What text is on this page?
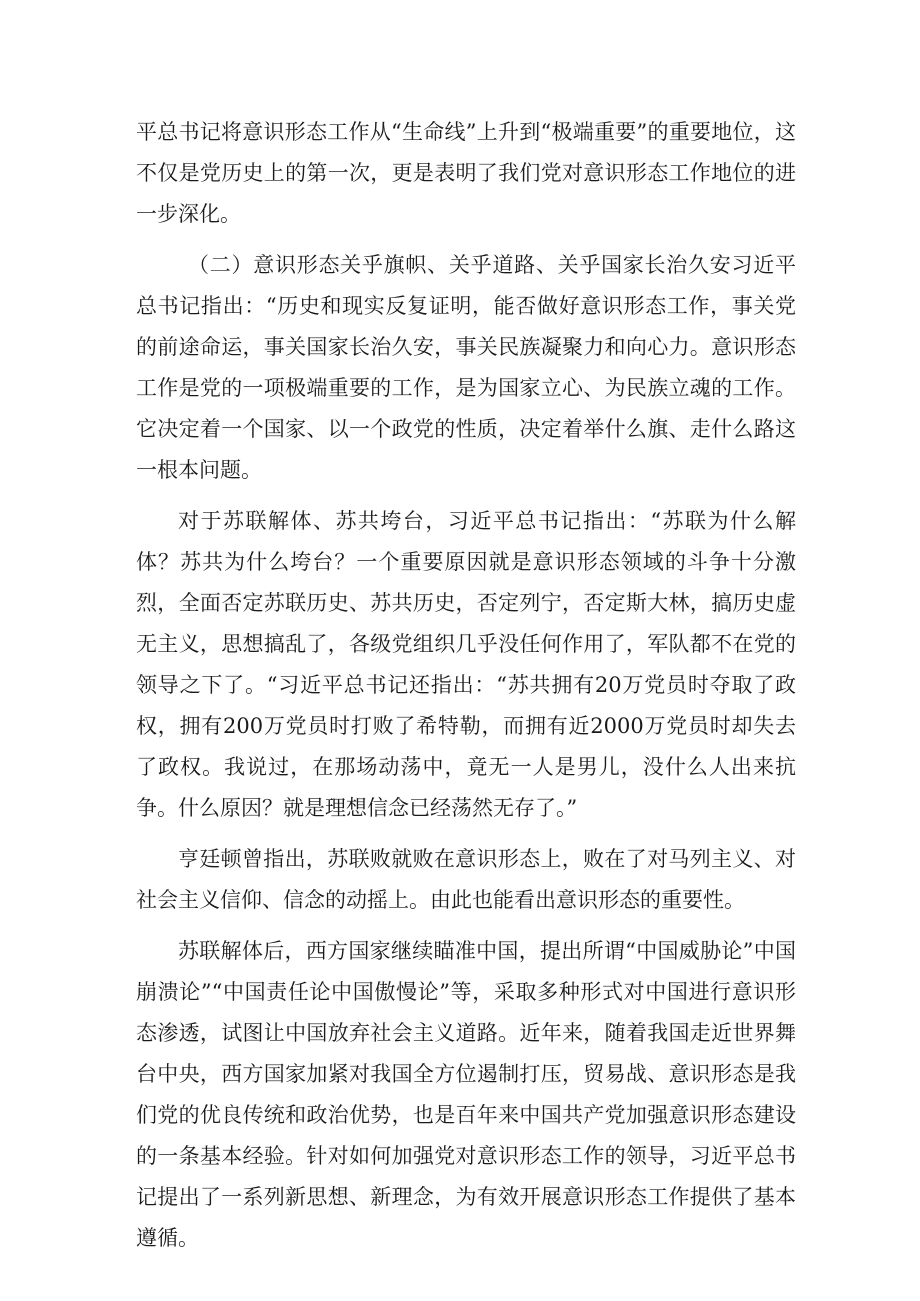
平总书记将意识形态工作从“生命线”上升到“极端重要”的重要地位，这不仅是党历史上的第一次，更是表明了我们党对意识形态工作地位的进一步深化。

（二）意识形态关乎旗帜、关乎道路、关乎国家长治久安习近平总书记指出：“历史和现实反复证明，能否做好意识形态工作，事关党的前途命运，事关国家长治久安，事关民族凝聚力和向心力。意识形态工作是党的一项极端重要的工作，是为国家立心、为民族立魂的工作。它决定着一个国家、以一个政党的性质，决定着举什么旗、走什么路这一根本问题。

对于苏联解体、苏共垮台，习近平总书记指出：“苏联为什么解体？苏共为什么垮台？一个重要原因就是意识形态领域的斗争十分激烈，全面否定苏联历史、苏共历史，否定列宁，否定斯大林，搞历史虚无主义，思想搞乱了，各级党组织几乎没任何作用了，军队都不在党的领导之下了。“习近平总书记还指出：“苏共拥有20万党员时夺取了政权，拥有200万党员时打败了希特勒，而拥有近2000万党员时却失去了政权。我说过，在那场动荡中，竟无一人是男儿，没什么人出来抗争。什么原因？就是理想信念已经荡然无存了。”

亨廷顿曾指出，苏联败就败在意识形态上，败在了对马列主义、对社会主义信仰、信念的动摇上。由此也能看出意识形态的重要性。

苏联解体后，西方国家继续瞄准中国，提出所谓“中国威胁论”中国崩溃论”“中国责任论中国傲慢论”等，采取多种形式对中国进行意识形态渗透，试图让中国放弃社会主义道路。近年来，随着我国走近世界舞台中央，西方国家加紧对我国全方位遏制打压，贸易战、意识形态是我们党的优良传统和政治优势，也是百年来中国共产党加强意识形态建设的一条基本经验。针对如何加强党对意识形态工作的领导，习近平总书记提出了一系列新思想、新理念，为有效开展意识形态工作提供了基本遵循。
